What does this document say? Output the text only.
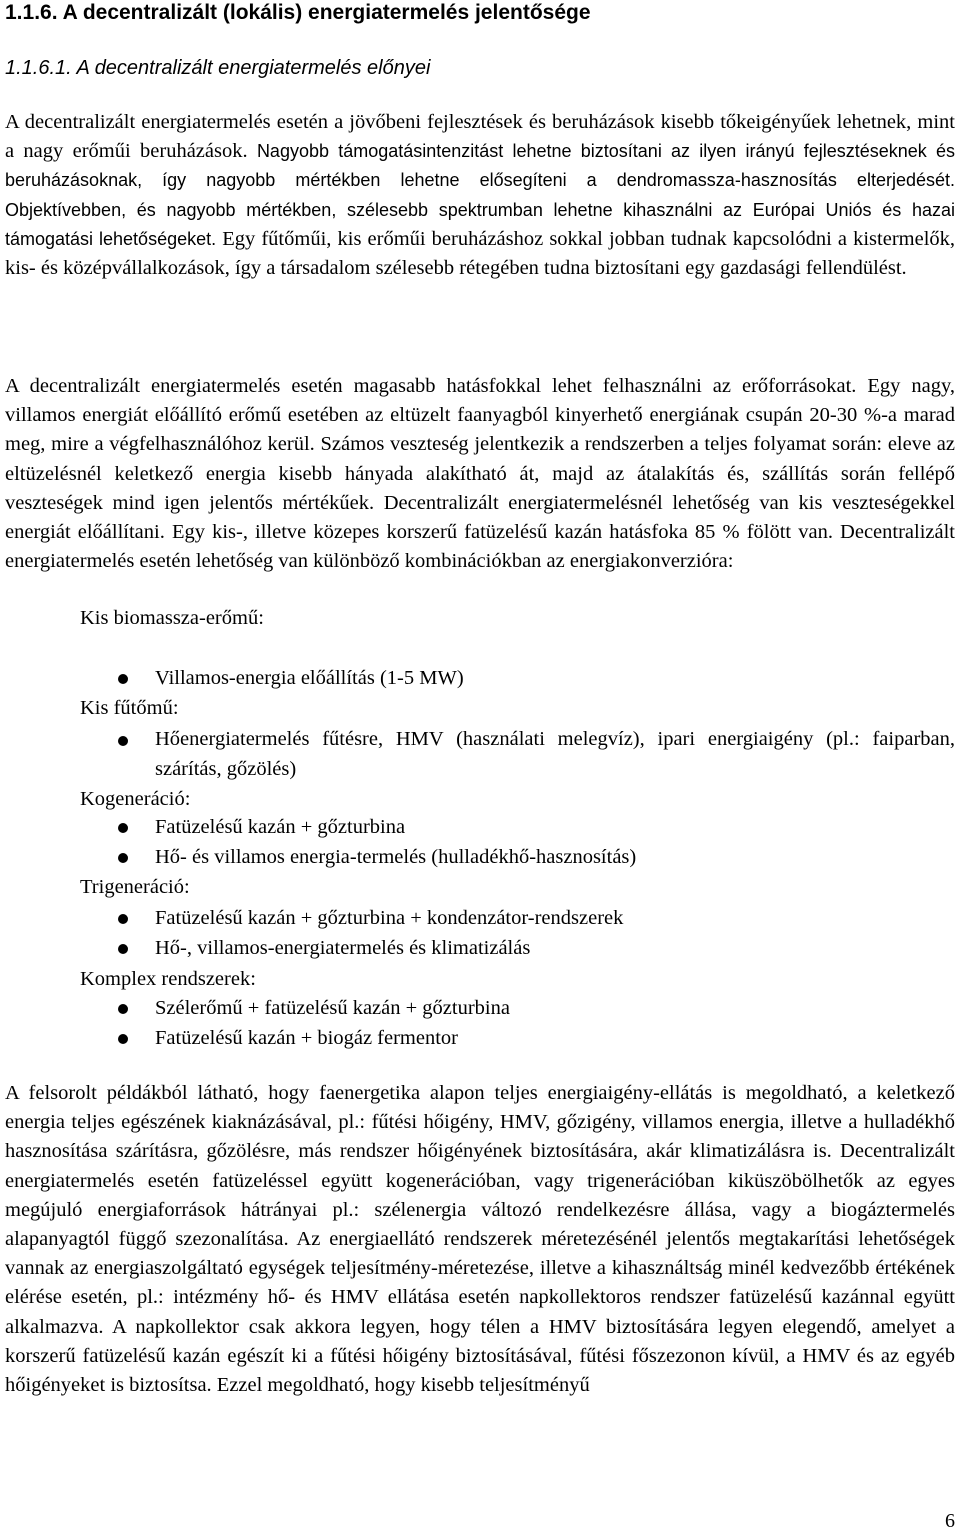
1.1.6. A decentralizált (lokális) energiatermelés jelentősége
1.1.6.1. A decentralizált energiatermelés előnyei

A decentralizált energiatermelés esetén a jövőbeni fejlesztések és beruházások kisebb tőkeigényűek lehetnek, mint a nagy erőműi beruházások. Nagyobb támogatásintenzitást lehetne biztosítani az ilyen irányú fejlesztéseknek és beruházásoknak, így nagyobb mértékben lehetne elősegíteni a dendromassza-hasznosítás elterjedését. Objektívebben, és nagyobb mértékben, szélesebb spektrumban lehetne kihasználni az Európai Uniós és hazai támogatási lehetőségeket. Egy fűtőműi, kis erőműi beruházáshoz sokkal jobban tudnak kapcsolódni a kistermelők, kis- és középvállalkozások, így a társadalom szélesebb rétegében tudna biztosítani egy gazdasági fellendülést.

A decentralizált energiatermelés esetén magasabb hatásfokkal lehet felhasználni az erőforrásokat. Egy nagy, villamos energiát előállító erőmű esetében az eltüzelt faanyagból kinyerhető energiának csupán 20-30 %-a marad meg, mire a végfelhasználóhoz kerül. Számos veszteség jelentkezik a rendszerben a teljes folyamat során: eleve az eltüzelésnél keletkező energia kisebb hányada alakítható át, majd az átalakítás és, szállítás során fellépő veszteségek mind igen jelentős mértékűek. Decentralizált energiatermelésnél lehetőség van kis veszteségekkel energiát előállítani. Egy kis-, illetve közepes korszerű fatüzelésű kazán hatásfoka 85 % fölött van. Decentralizált energiatermelés esetén lehetőség van különböző kombinációkban az energiakonverzióra:

Kis biomassza-erőmű:
Villamos-energia előállítás (1-5 MW)
Kis fűtőmű:
Hőenergiatermelés fűtésre, HMV (használati melegvíz), ipari energiaigény (pl.: faiparban, szárítás, gőzölés)
Kogeneráció:
Fatüzelésű kazán + gőzturbina
Hő- és villamos energia-termelés (hulladékhő-hasznosítás)
Trigeneráció:
Fatüzelésű kazán + gőzturbina + kondenzátor-rendszerek
Hő-, villamos-energiatermelés és klimatizálás
Komplex rendszerek:
Szélerőmű + fatüzelésű kazán + gőzturbina
Fatüzelésű kazán + biogáz fermentor

A felsorolt példákból látható, hogy faenergetika alapon teljes energiaigény-ellátás is megoldható, a keletkező energia teljes egészének kiaknázásával, pl.: fűtési hőigény, HMV, gőzigény, villamos energia, illetve a hulladékhő hasznosítása szárításra, gőzölésre, más rendszer hőigényének biztosítására, akár klimatizálásra is. Decentralizált energiatermelés esetén fatüzeléssel együtt kogenerációban, vagy trigenerációban kiküszöbölhetők az egyes megújuló energiaforrások hátrányai pl.: szélenergia változó rendelkezésre állása, vagy a biogáztermelés alapanyagtól függő szezonalítása. Az energiaellátó rendszerek méretezésénél jelentős megtakarítási lehetőségek vannak az energiaszolgáltató egységek teljesítmény-méretezése, illetve a kihasználtság minél kedvezőbb értékének elérése esetén, pl.: intézmény hő- és HMV ellátása esetén napkollektoros rendszer fatüzelésű kazánnal együtt alkalmazva. A napkollektor csak akkora legyen, hogy télen a HMV biztosítására legyen elegendő, amelyet a korszerű fatüzelésű kazán egészít ki a fűtési hőigény biztosításával, fűtési főszezonon kívül, a HMV és az egyéb hőigényeket is biztosítsa. Ezzel megoldható, hogy kisebb teljesítményű

6
